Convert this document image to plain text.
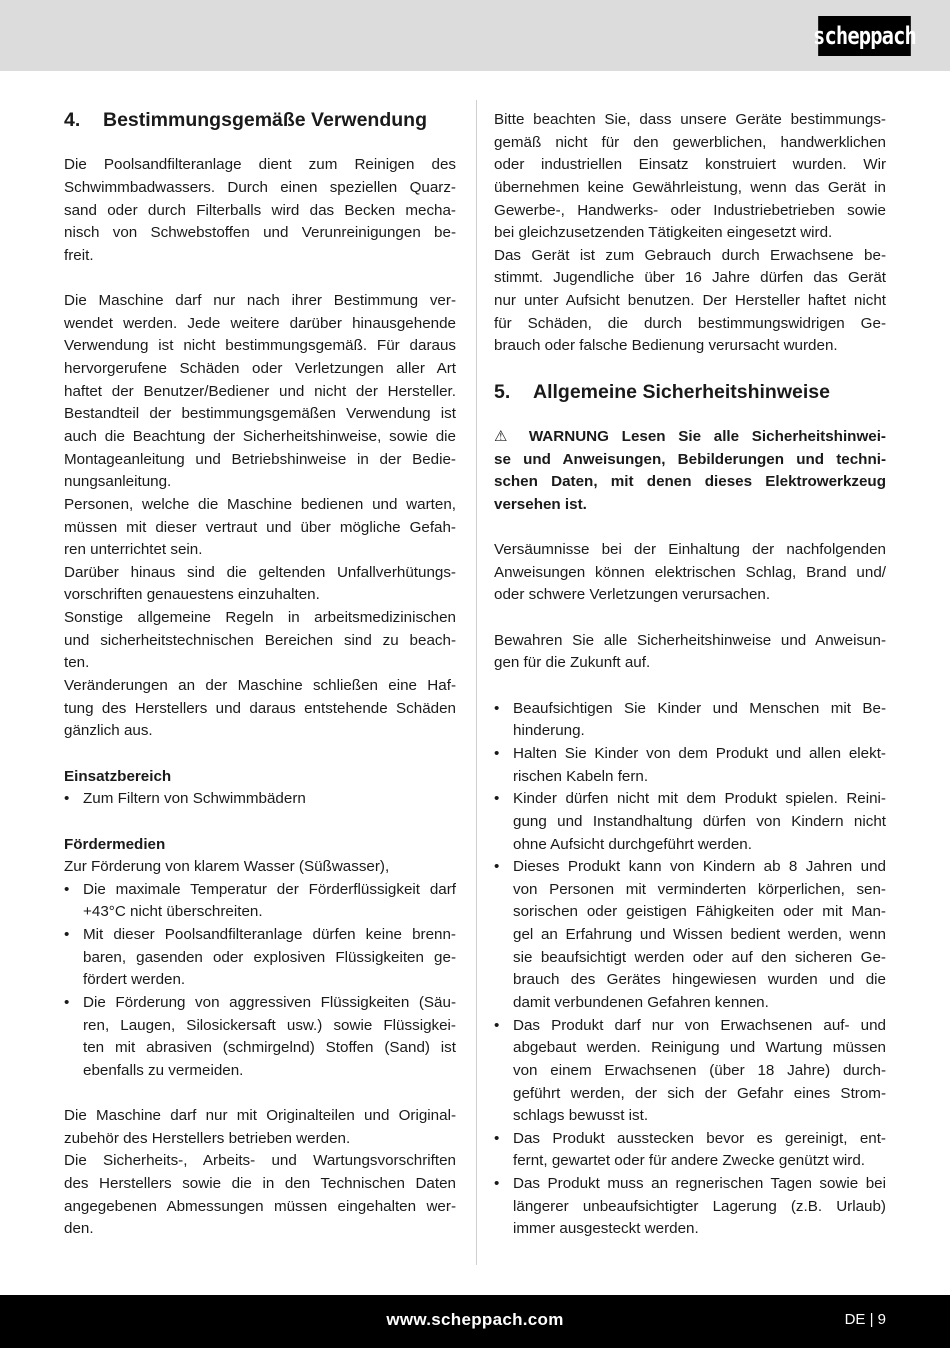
scheppach
4. Bestimmungsgemäße Verwendung
Die Poolsandfilteranlage dient zum Reinigen des
Schwimmbadwassers. Durch einen speziellen Quarz-
sand oder durch Filterballs wird das Becken mecha-
nisch von Schwebstoffen und Verunreinigungen be-
freit.
Die Maschine darf nur nach ihrer Bestimmung ver-
wendet werden. Jede weitere darüber hinausgehende
Verwendung ist nicht bestimmungsgemäß. Für daraus
hervorgerufene Schäden oder Verletzungen aller Art
haftet der Benutzer/Bediener und nicht der Hersteller.
Bestandteil der bestimmungsgemäßen Verwendung ist
auch die Beachtung der Sicherheitshinweise, sowie die
Montageanleitung und Betriebshinweise in der Bedie-
nungsanleitung.
Personen, welche die Maschine bedienen und warten,
müssen mit dieser vertraut und über mögliche Gefah-
ren unterrichtet sein.
Darüber hinaus sind die geltenden Unfallverhütungs-
vorschriften genauestens einzuhalten.
Sonstige allgemeine Regeln in arbeitsmedizinischen
und sicherheitstechnischen Bereichen sind zu beach-
ten.
Veränderungen an der Maschine schließen eine Haf-
tung des Herstellers und daraus entstehende Schäden
gänzlich aus.
Einsatzbereich
• Zum Filtern von Schwimmbädern
Fördermedien
Zur Förderung von klarem Wasser (Süßwasser),
• Die maximale Temperatur der Förderflüssigkeit darf
+43°C nicht überschreiten.
• Mit dieser Poolsandfilteranlage dürfen keine brenn-
baren, gasenden oder explosiven Flüssigkeiten ge-
fördert werden.
• Die Förderung von aggressiven Flüssigkeiten (Säu-
ren, Laugen, Silosickersaft usw.) sowie Flüssigkei-
ten mit abrasiven (schmirgelnd) Stoffen (Sand) ist
ebenfalls zu vermeiden.
Die Maschine darf nur mit Originalteilen und Original-
zubehör des Herstellers betrieben werden.
Die Sicherheits-, Arbeits- und Wartungsvorschriften
des Herstellers sowie die in den Technischen Daten
angegebenen Abmessungen müssen eingehalten wer-
den.
Bitte beachten Sie, dass unsere Geräte bestimmungs-
gemäß nicht für den gewerblichen, handwerklichen
oder industriellen Einsatz konstruiert wurden. Wir
übernehmen keine Gewährleistung, wenn das Gerät in
Gewerbe-, Handwerks- oder Industriebetrieben sowie
bei gleichzusetzenden Tätigkeiten eingesetzt wird.
Das Gerät ist zum Gebrauch durch Erwachsene be-
stimmt. Jugendliche über 16 Jahre dürfen das Gerät
nur unter Aufsicht benutzen. Der Hersteller haftet nicht
für Schäden, die durch bestimmungswidrigen Ge-
brauch oder falsche Bedienung verursacht wurden.
5. Allgemeine Sicherheitshinweise
⚠ WARNUNG Lesen Sie alle Sicherheitshinwei-
se und Anweisungen, Bebilderungen und techni-
schen Daten, mit denen dieses Elektrowerkzeug
versehen ist.
Versäumnisse bei der Einhaltung der nachfolgenden
Anweisungen können elektrischen Schlag, Brand und/
oder schwere Verletzungen verursachen.
Bewahren Sie alle Sicherheitshinweise und Anweisun-
gen für die Zukunft auf.
• Beaufsichtigen Sie Kinder und Menschen mit Be-
hinderung.
• Halten Sie Kinder von dem Produkt und allen elekt-
rischen Kabeln fern.
• Kinder dürfen nicht mit dem Produkt spielen. Reini-
gung und Instandhaltung dürfen von Kindern nicht
ohne Aufsicht durchgeführt werden.
• Dieses Produkt kann von Kindern ab 8 Jahren und
von Personen mit verminderten körperlichen, sen-
sorischen oder geistigen Fähigkeiten oder mit Man-
gel an Erfahrung und Wissen bedient werden, wenn
sie beaufsichtigt werden oder auf den sicheren Ge-
brauch des Gerätes hingewiesen wurden und die
damit verbundenen Gefahren kennen.
• Das Produkt darf nur von Erwachsenen auf- und
abgebaut werden. Reinigung und Wartung müssen
von einem Erwachsenen (über 18 Jahre) durch-
geführt werden, der sich der Gefahr eines Strom-
schlags bewusst ist.
• Das Produkt ausstecken bevor es gereinigt, ent-
fernt, gewartet oder für andere Zwecke genützt wird.
• Das Produkt muss an regnerischen Tagen sowie bei
längerer unbeaufsichtigter Lagerung (z.B. Urlaub)
immer ausgesteckt werden.
www.scheppach.com	DE | 9
